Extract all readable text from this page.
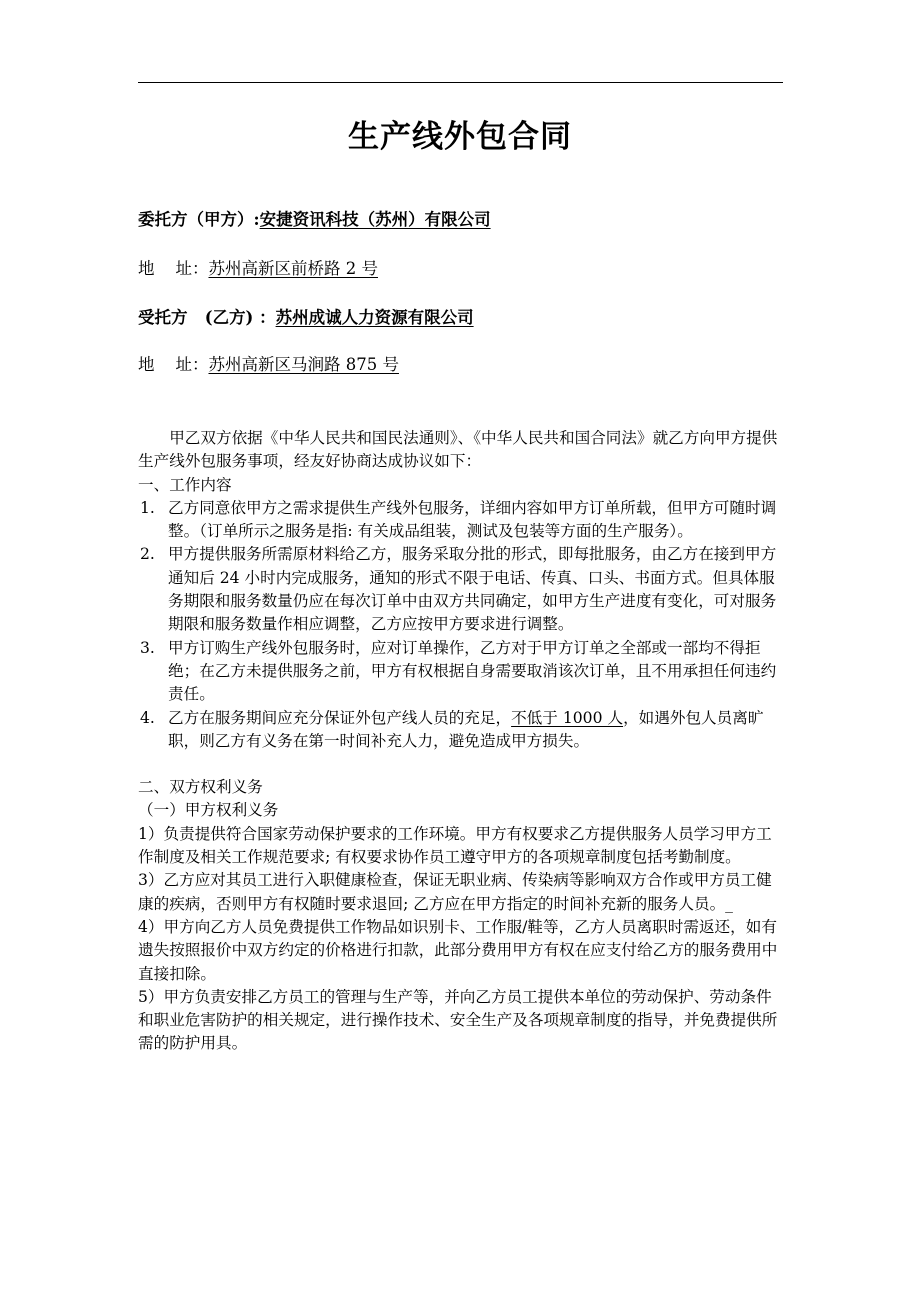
生产线外包合同
委托方（甲方）:安捷资讯科技（苏州）有限公司
地    址：苏州高新区前桥路 2 号
受托方   (乙方) ：苏州成诚人力资源有限公司
地    址：苏州高新区马涧路 875 号

甲乙双方依据《中华人民共和国民法通则》、《中华人民共和国合同法》就乙方向甲方提供生产线外包服务事项，经友好协商达成协议如下：

一、工作内容

1. 乙方同意依甲方之需求提供生产线外包服务，详细内容如甲方订单所载，但甲方可随时调整。（订单所示之服务是指: 有关成品组装，测试及包装等方面的生产服务）。
2. 甲方提供服务所需原材料给乙方，服务采取分批的形式，即每批服务，由乙方在接到甲方通知后 24 小时内完成服务，通知的形式不限于电话、传真、口头、书面方式。但具体服务期限和服务数量仍应在每次订单中由双方共同确定，如甲方生产进度有变化，可对服务期限和服务数量作相应调整，乙方应按甲方要求进行调整。
3. 甲方订购生产线外包服务时，应对订单操作，乙方对于甲方订单之全部或一部均不得拒绝；在乙方未提供服务之前，甲方有权根据自身需要取消该次订单，且不用承担任何违约责任。
4. 乙方在服务期间应充分保证外包产线人员的充足，不低于 1000 人，如遇外包人员离旷职，则乙方有义务在第一时间补充人力，避免造成甲方损失。

二、双方权利义务

（一）甲方权利义务

1）负责提供符合国家劳动保护要求的工作环境。甲方有权要求乙方提供服务人员学习甲方工作制度及相关工作规范要求; 有权要求协作员工遵守甲方的各项规章制度包括考勤制度。

3）乙方应对其员工进行入职健康检查，保证无职业病、传染病等影响双方合作或甲方员工健康的疾病，否则甲方有权随时要求退回; 乙方应在甲方指定的时间补充新的服务人员。_

4）甲方向乙方人员免费提供工作物品如识别卡、工作服/鞋等，乙方人员离职时需返还，如有遗失按照报价中双方约定的价格进行扣款，此部分费用甲方有权在应支付给乙方的服务费用中直接扣除。

5）甲方负责安排乙方员工的管理与生产等，并向乙方员工提供本单位的劳动保护、劳动条件和职业危害防护的相关规定，进行操作技术、安全生产及各项规章制度的指导，并免费提供所需的防护用具。
